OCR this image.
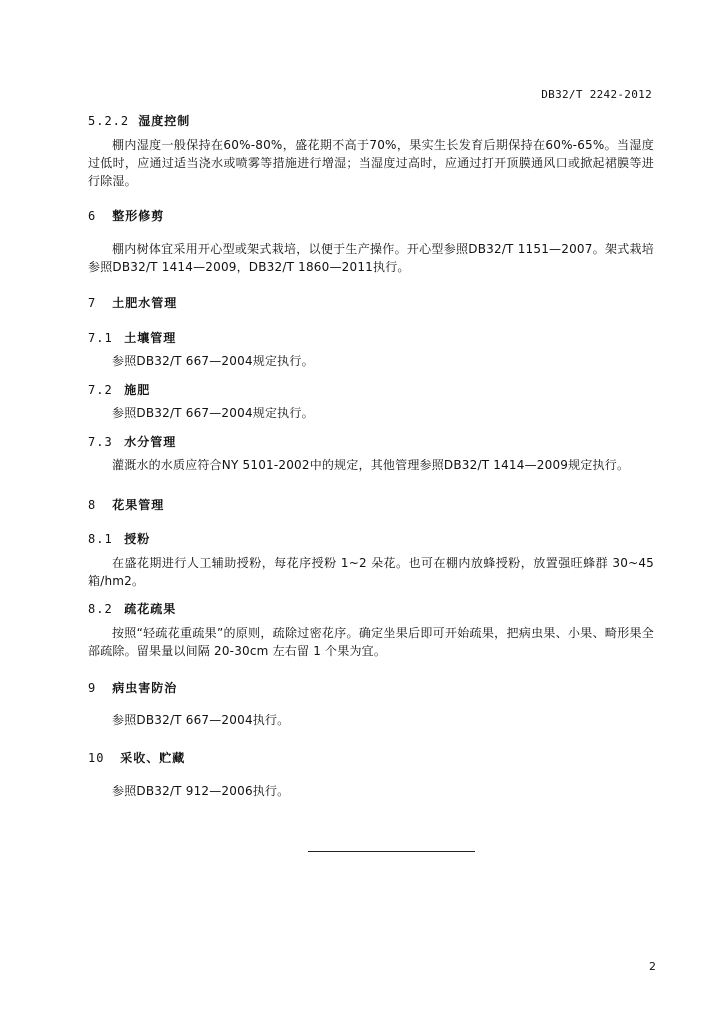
DB32/T 2242-2012
5.2.2 湿度控制
棚内湿度一般保持在60%-80%，盛花期不高于70%，果实生长发育后期保持在60%-65%。当湿度过低时，应通过适当浇水或喷雾等措施进行增湿；当湿度过高时，应通过打开顶膜通风口或掀起裙膜等进行除湿。
6 整形修剪
棚内树体宜采用开心型或架式栽培，以便于生产操作。开心型参照DB32/T 1151—2007。架式栽培参照DB32/T 1414—2009，DB32/T 1860—2011执行。
7 土肥水管理
7.1 土壤管理
参照DB32/T 667—2004规定执行。
7.2 施肥
参照DB32/T 667—2004规定执行。
7.3 水分管理
灌溉水的水质应符合NY 5101-2002中的规定，其他管理参照DB32/T 1414—2009规定执行。
8 花果管理
8.1 授粉
在盛花期进行人工辅助授粉，每花序授粉 1~2 朵花。也可在棚内放蜂授粉，放置强旺蜂群 30~45箱/hm2。
8.2 疏花疏果
按照“轻疏花重疏果”的原则，疏除过密花序。确定坐果后即可开始疏果，把病虫果、小果、畸形果全部疏除。留果量以间隔 20-30cm 左右留 1 个果为宜。
9 病虫害防治
参照DB32/T 667—2004执行。
10 采收、贮藏
参照DB32/T 912—2006执行。
2
